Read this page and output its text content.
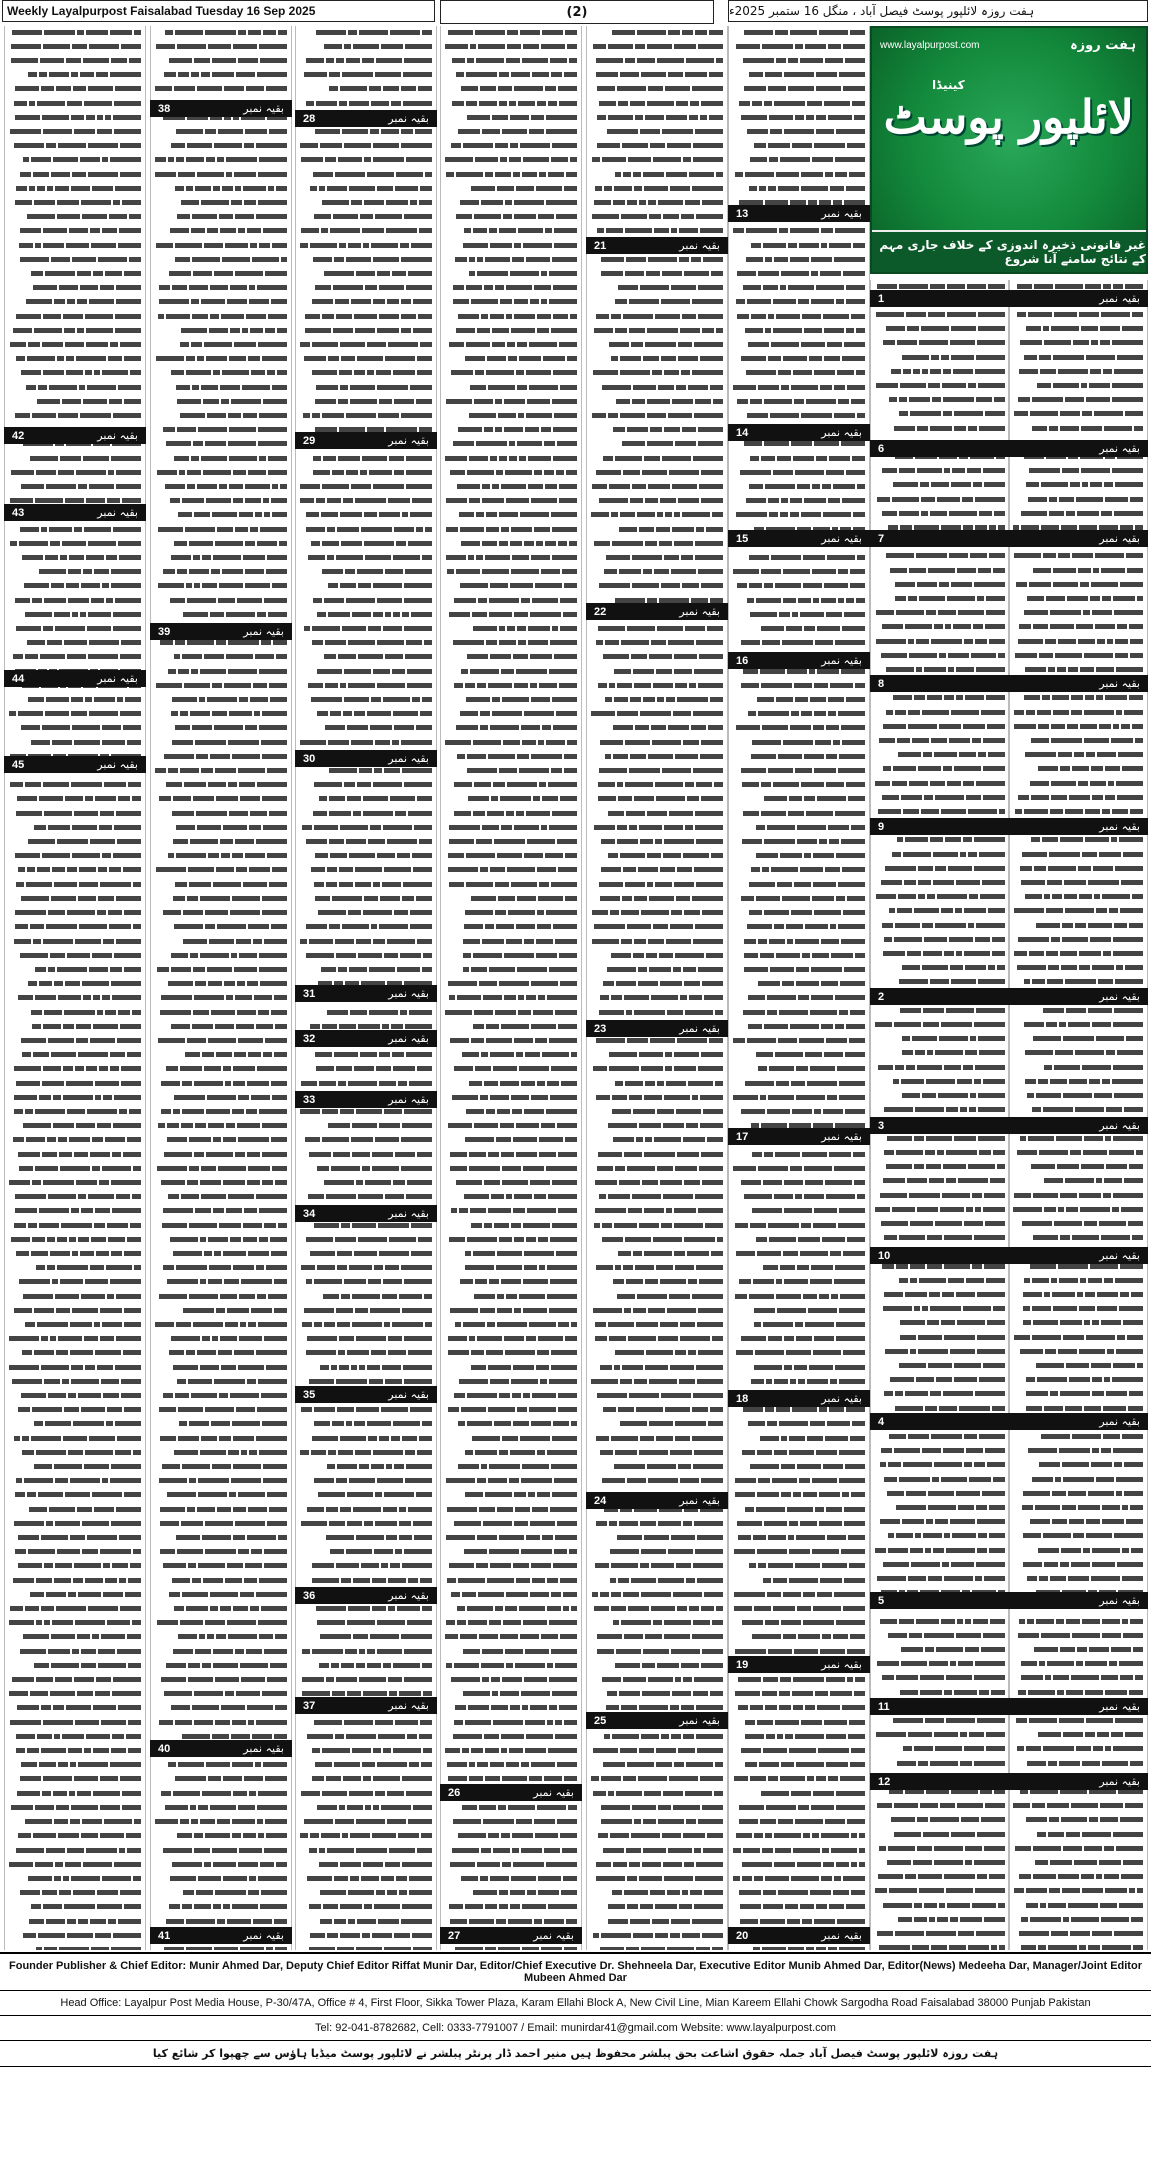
Weekly Layalpurpost Faisalabad Tuesday 16 Sep 2025	(2)	ہفت روزہ لائلپور پوسٹ فیصل آباد ، منگل 16 ستمبر 2025ء
ہفت روزہ
www.layalpurpost.com
کینیڈا
لائلپور پوسٹ
غیر قانونی ذخیرہ اندوزی کے خلاف جاری مہم کے نتائج سامنے آنا شروع
1	بقیہ نمبر
6	بقیہ نمبر
7	بقیہ نمبر
8	بقیہ نمبر
9	بقیہ نمبر
2	بقیہ نمبر
3	بقیہ نمبر
10	بقیہ نمبر
4	بقیہ نمبر
5	بقیہ نمبر
11	بقیہ نمبر
12	بقیہ نمبر
13	بقیہ نمبر
14	بقیہ نمبر
15	بقیہ نمبر
16	بقیہ نمبر
17	بقیہ نمبر
18	بقیہ نمبر
19	بقیہ نمبر
20	بقیہ نمبر
21	بقیہ نمبر
22	بقیہ نمبر
23	بقیہ نمبر
24	بقیہ نمبر
25	بقیہ نمبر
26	بقیہ نمبر
27	بقیہ نمبر
28	بقیہ نمبر
29	بقیہ نمبر
30	بقیہ نمبر
31	بقیہ نمبر
32	بقیہ نمبر
33	بقیہ نمبر
34	بقیہ نمبر
35	بقیہ نمبر
36	بقیہ نمبر
37	بقیہ نمبر
38	بقیہ نمبر
39	بقیہ نمبر
40	بقیہ نمبر
41	بقیہ نمبر
42	بقیہ نمبر
43	بقیہ نمبر
44	بقیہ نمبر
45	بقیہ نمبر
Founder Publisher & Chief Editor: Munir Ahmed Dar, Deputy Chief Editor Riffat Munir Dar, Editor/Chief Executive Dr. Shehneela Dar, Executive Editor Munib Ahmed Dar, Editor(News) Medeeha Dar, Manager/Joint Editor Mubeen Ahmed Dar
Head Office: Layalpur Post Media House, P-30/47A, Office # 4, First Floor, Sikka Tower Plaza, Karam Ellahi Block A, New Civil Line, Mian Kareem Ellahi Chowk Sargodha Road Faisalabad 38000 Punjab Pakistan
Tel: 92-041-8782682, Cell: 0333-7791007 / Email: munirdar41@gmail.com Website: www.layalpurpost.com
ہفت روزہ لائلپور پوسٹ فیصل آباد جملہ حقوق اشاعت بحق پبلشر محفوظ ہیں منیر احمد ڈار پرنٹر پبلشر نے لائلپور پوسٹ میڈیا ہاؤس سے چھپوا کر شائع کیا
